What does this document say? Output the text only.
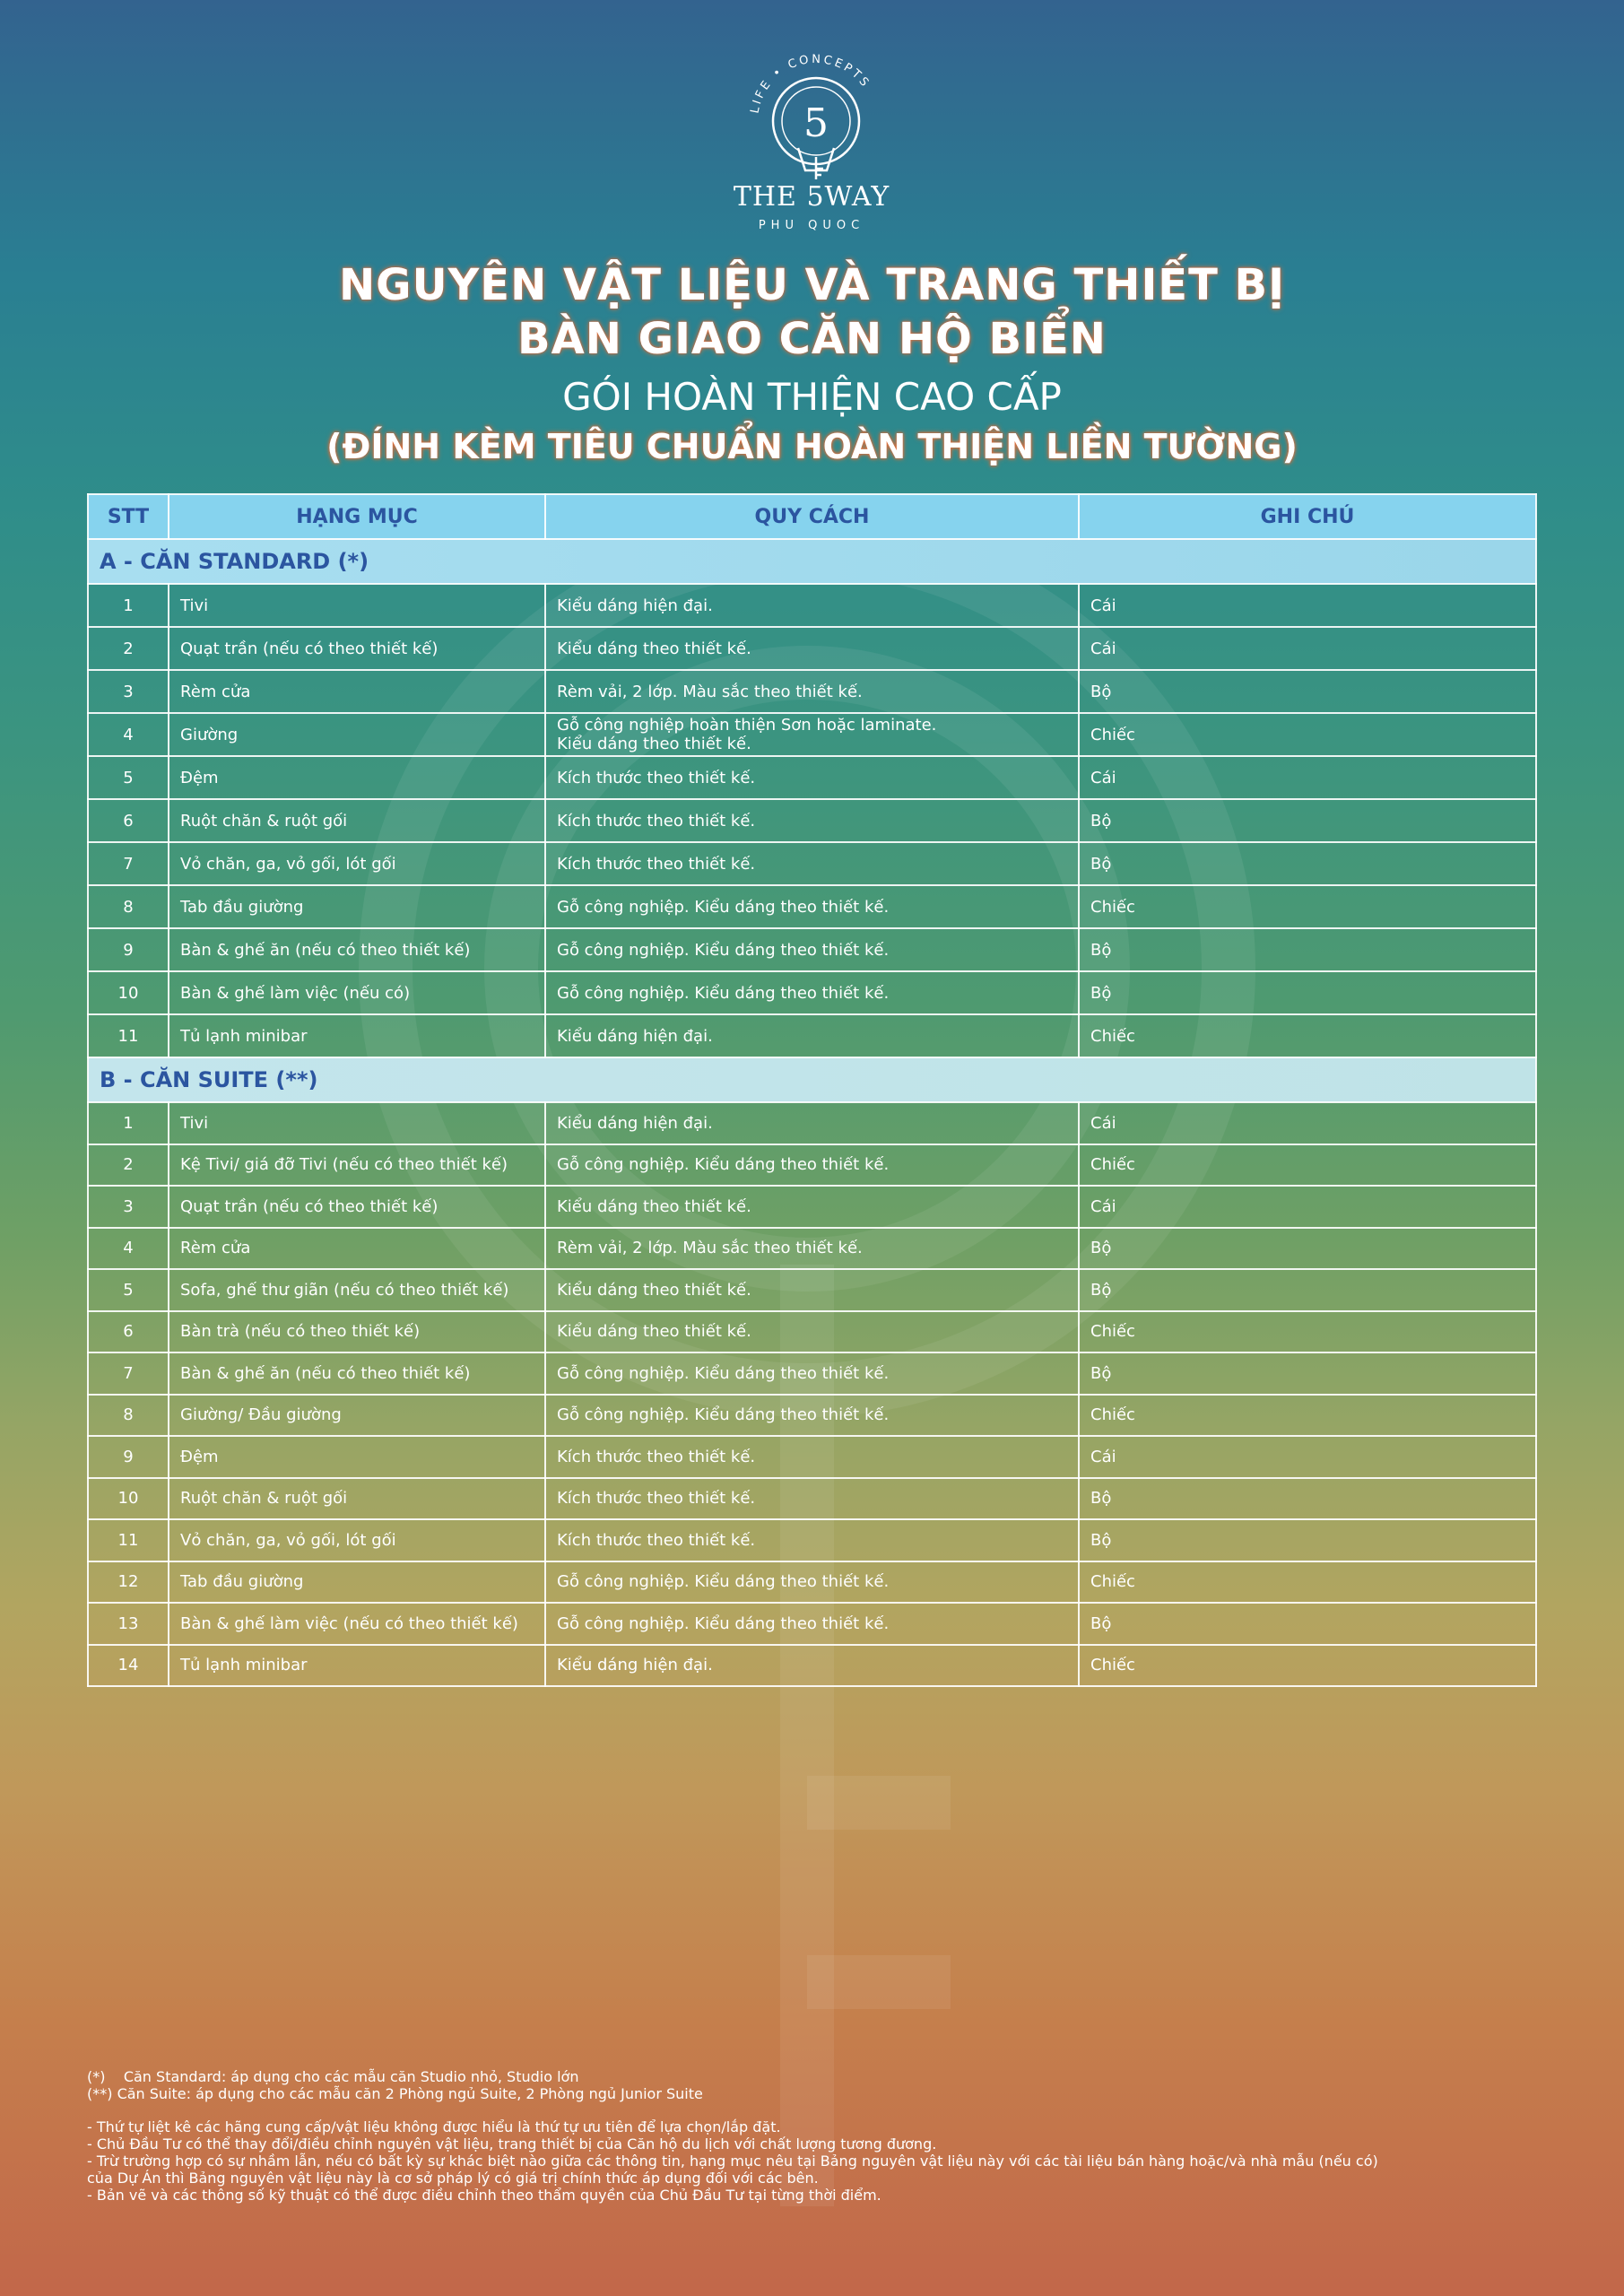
LIFE • CONCEPTS
5
THE 5WAY
PHU QUOC
NGUYÊN VẬT LIỆU VÀ TRANG THIẾT BỊ
BÀN GIAO CĂN HỘ BIỂN
GÓI HOÀN THIỆN CAO CẤP
(ĐÍNH KÈM TIÊU CHUẨN HOÀN THIỆN LIỀN TƯỜNG)
STT	HẠNG MỤC	QUY CÁCH	GHI CHÚ
A - CĂN STANDARD (*)			
1	Tivi	Kiểu dáng hiện đại.	Cái
2	Quạt trần (nếu có theo thiết kế)	Kiểu dáng theo thiết kế.	Cái
3	Rèm cửa	Rèm vải, 2 lớp. Màu sắc theo thiết kế.	Bộ
4	Giường	Gỗ công nghiệp hoàn thiện Sơn hoặc laminate.
Kiểu dáng theo thiết kế.	Chiếc
5	Đệm	Kích thước theo thiết kế.	Cái
6	Ruột chăn & ruột gối	Kích thước theo thiết kế.	Bộ
7	Vỏ chăn, ga, vỏ gối, lót gối	Kích thước theo thiết kế.	Bộ
8	Tab đầu giường	Gỗ công nghiệp. Kiểu dáng theo thiết kế.	Chiếc
9	Bàn & ghế ăn (nếu có theo thiết kế)	Gỗ công nghiệp. Kiểu dáng theo thiết kế.	Bộ
10	Bàn & ghế làm việc (nếu có)	Gỗ công nghiệp. Kiểu dáng theo thiết kế.	Bộ
11	Tủ lạnh minibar	Kiểu dáng hiện đại.	Chiếc
B - CĂN SUITE (**)			
1	Tivi	Kiểu dáng hiện đại.	Cái
2	Kệ Tivi/ giá đỡ Tivi (nếu có theo thiết kế)	Gỗ công nghiệp. Kiểu dáng theo thiết kế.	Chiếc
3	Quạt trần (nếu có theo thiết kế)	Kiểu dáng theo thiết kế.	Cái
4	Rèm cửa	Rèm vải, 2 lớp. Màu sắc theo thiết kế.	Bộ
5	Sofa, ghế thư giãn (nếu có theo thiết kế)	Kiểu dáng theo thiết kế.	Bộ
6	Bàn trà (nếu có theo thiết kế)	Kiểu dáng theo thiết kế.	Chiếc
7	Bàn & ghế ăn (nếu có theo thiết kế)	Gỗ công nghiệp. Kiểu dáng theo thiết kế.	Bộ
8	Giường/ Đầu giường	Gỗ công nghiệp. Kiểu dáng theo thiết kế.	Chiếc
9	Đệm	Kích thước theo thiết kế.	Cái
10	Ruột chăn & ruột gối	Kích thước theo thiết kế.	Bộ
11	Vỏ chăn, ga, vỏ gối, lót gối	Kích thước theo thiết kế.	Bộ
12	Tab đầu giường	Gỗ công nghiệp. Kiểu dáng theo thiết kế.	Chiếc
13	Bàn & ghế làm việc (nếu có theo thiết kế)	Gỗ công nghiệp. Kiểu dáng theo thiết kế.	Bộ
14	Tủ lạnh minibar	Kiểu dáng hiện đại.	Chiếc
(*)    Căn Standard: áp dụng cho các mẫu căn Studio nhỏ, Studio lớn
(**) Căn Suite: áp dụng cho các mẫu căn 2 Phòng ngủ Suite, 2 Phòng ngủ Junior Suite
- Thứ tự liệt kê các hãng cung cấp/vật liệu không được hiểu là thứ tự ưu tiên để lựa chọn/lắp đặt.
- Chủ Đầu Tư có thể thay đổi/điều chỉnh nguyên vật liệu, trang thiết bị của Căn hộ du lịch với chất lượng tương đương.
- Trừ trường hợp có sự nhầm lẫn, nếu có bất kỳ sự khác biệt nào giữa các thông tin, hạng mục nêu tại Bảng nguyên vật liệu này với các tài liệu bán hàng hoặc/và nhà mẫu (nếu có)
của Dự Án thì Bảng nguyên vật liệu này là cơ sở pháp lý có giá trị chính thức áp dụng đối với các bên.
- Bản vẽ và các thông số kỹ thuật có thể được điều chỉnh theo thẩm quyền của Chủ Đầu Tư tại từng thời điểm.
